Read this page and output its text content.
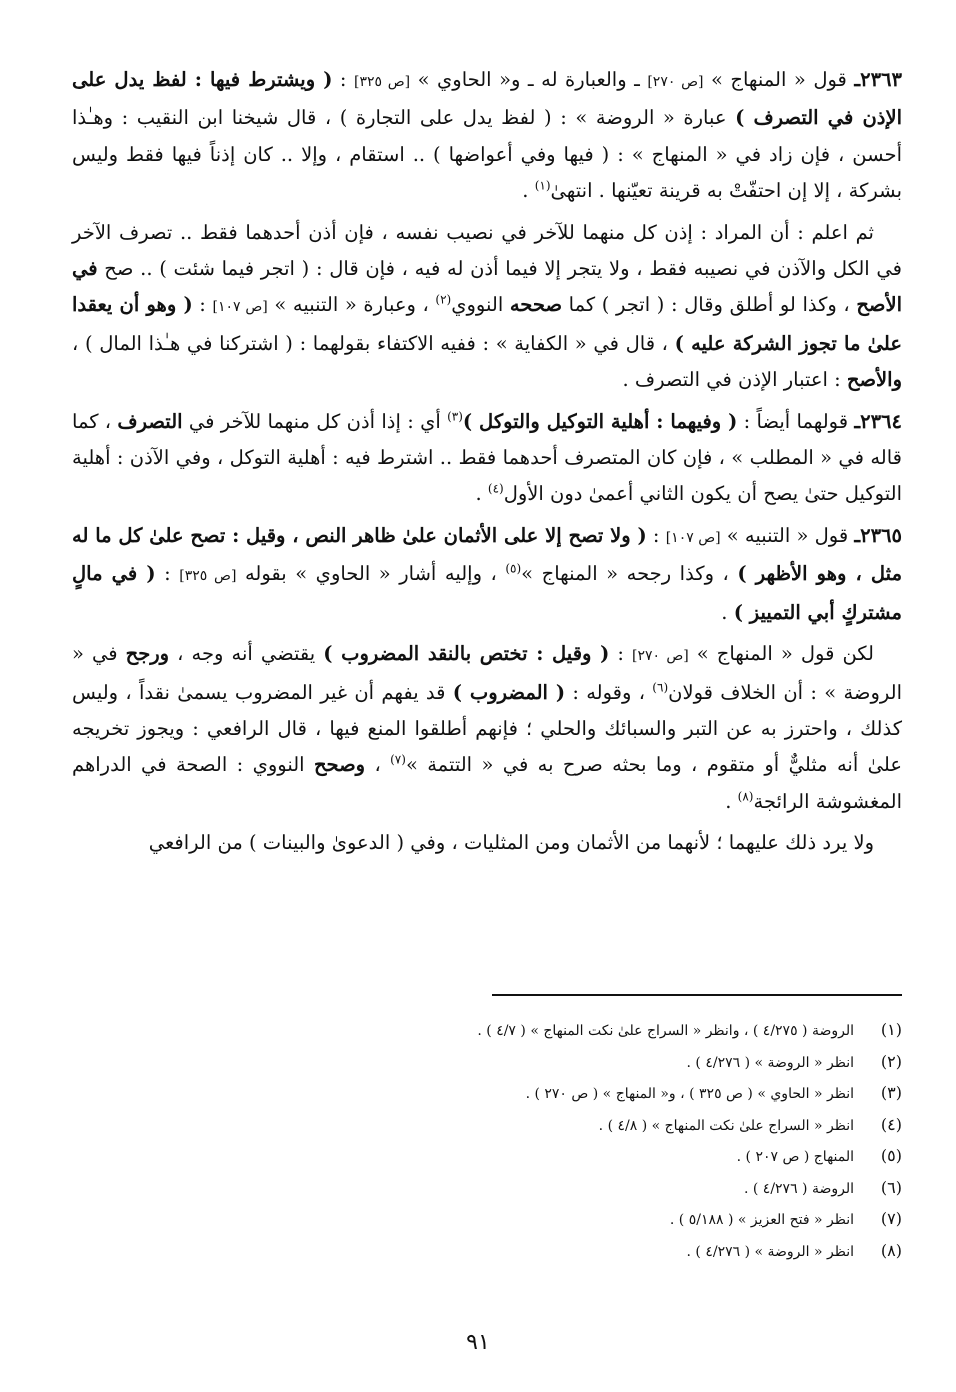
٢٣٦٣ـ قول « المنهاج » [ص ٢٧٠] ـ والعبارة له ـ و« الحاوي » [ص ٣٢٥] : ( ويشترط فيها : لفظ يدل على الإذن في التصرف ) عبارة « الروضة » : ( لفظ يدل على التجارة ) ، قال شيخنا ابن النقيب : وهـٰذا أحسن ، فإن زاد في « المنهاج » : ( فيها وفي أعواضها ) .. استقام ، وإلا .. كان إذناً فيها فقط وليس بشركة ، إلا إن احتفّتْ به قرينة تعيّنها . انتهىٰ$^{(١)}$ .

ثم اعلم : أن المراد : إذن كل منهما للآخر في نصيب نفسه ، فإن أذن أحدهما فقط .. تصرف الآخر في الكل والآذن في نصيبه فقط ، ولا يتجر إلا فيما أذن له فيه ، فإن قال : ( اتجر فيما شئت ) .. صح في الأصح ، وكذا لو أطلق وقال : ( اتجر ) كما صححه النووي$^{(٢)}$ ، وعبارة « التنبيه » [ص ١٠٧] : ( وهو أن يعقدا علىٰ ما تجوز الشركة عليه ) ، قال في « الكفاية » : ففيه الاكتفاء بقولهما : ( اشتركنا في هـٰذا المال ) ، والأصح : اعتبار الإذن في التصرف .

٢٣٦٤ـ قولهما أيضاً : ( وفيهما : أهلية التوكيل والتوكل )$^{(٣)}$ أي : إذا أذن كل منهما للآخر في التصرف ، كما قاله في « المطلب » ، فإن كان المتصرف أحدهما فقط .. اشترط فيه : أهلية التوكل ، وفي الآذن : أهلية التوكيل حتىٰ يصح أن يكون الثاني أعمىٰ دون الأول$^{(٤)}$ .

٢٣٦٥ـ قول « التنبيه » [ص ١٠٧] : ( ولا تصح إلا على الأثمان علىٰ ظاهر النص ، وقيل : تصح علىٰ كل ما له مثل ، وهو الأظهر ) ، وكذا رجحه « المنهاج »$^{(٥)}$ ، وإليه أشار « الحاوي » بقوله [ص ٣٢٥] : ( في مالٍ مشتركٍ أبي التمييز ) .

لكن قول « المنهاج » [ص ٢٧٠] : ( وقيل : تختص بالنقد المضروب ) يقتضي أنه وجه ، ورجح في « الروضة » : أن الخلاف قولان$^{(٦)}$ ، وقوله : ( المضروب ) قد يفهم أن غير المضروب يسمىٰ نقداً ، وليس كذلك ، واحترز به عن التبر والسبائك والحلي ؛ فإنهم أطلقوا المنع فيها ، قال الرافعي : ويجوز تخريجه علىٰ أنه مثليٌّ أو متقوم ، وما بحثه صرح به في « التتمة »$^{(٧)}$ ، وصحح النووي : الصحة في الدراهم المغشوشة الرائجة$^{(٨)}$ .

ولا يرد ذلك عليهما ؛ لأنهما من الأثمان ومن المثليات ، وفي ( الدعوىٰ والبينات ) من الرافعي

(١)الروضة ( ٤/٢٧٥ ) ، وانظر « السراج علىٰ نكت المنهاج » ( ٤/٧ ) .
(٢)انظر « الروضة » ( ٤/٢٧٦ ) .
(٣)انظر « الحاوي » ( ص ٣٢٥ ) ، و« المنهاج » ( ص ٢٧٠ ) .
(٤)انظر « السراج علىٰ نكت المنهاج » ( ٤/٨ ) .
(٥)المنهاج ( ص ٢٠٧ ) .
(٦)الروضة ( ٤/٢٧٦ ) .
(٧)انظر « فتح العزيز » ( ٥/١٨٨ ) .
(٨)انظر « الروضة » ( ٤/٢٧٦ ) .
٩١
